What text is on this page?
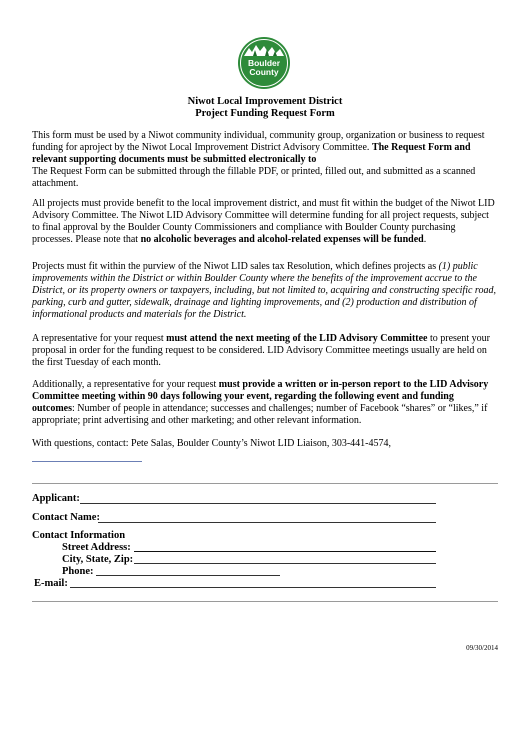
Boulder
County
Niwot Local Improvement District
Project Funding Request Form
This form must be used by a Niwot community individual, community group, organization or business to request funding for aproject by the Niwot Local Improvement District Advisory Committee. The Request Form and relevant supporting documents must be submitted electronically to
The Request Form can be submitted through the fillable PDF, or printed, filled out, and submitted as a scanned attachment.
All projects must provide benefit to the local improvement district, and must fit within the budget of the Niwot LID Advisory Committee. The Niwot LID Advisory Committee will determine funding for all project requests, subject to final approval by the Boulder County Commissioners and compliance with Boulder County purchasing processes. Please note that no alcoholic beverages and alcohol-related expenses will be funded.
Projects must fit within the purview of the Niwot LID sales tax Resolution, which defines projects as (1) public improvements within the District or within Boulder County where the benefits of the improvement accrue to the District, or its property owners or taxpayers, including, but not limited to, acquiring and constructing specific road, parking, curb and gutter, sidewalk, drainage and lighting improvements, and (2) production and distribution of informational products and materials for the District.
A representative for your request must attend the next meeting of the LID Advisory Committee to present your proposal in order for the funding request to be considered. LID Advisory Committee meetings usually are held on the first Tuesday of each month.
Additionally, a representative for your request must provide a written or in-person report to the LID Advisory Committee meeting within 90 days following your event, regarding the following event and funding outcomes: Number of people in attendance; successes and challenges; number of Facebook “shares” or “likes,” if appropriate; print advertising and other marketing; and other relevant information.
With questions, contact: Pete Salas, Boulder County’s Niwot LID Liaison, 303-441-4574,
Applicant:
Contact Name:
Contact Information
Street Address:
City, State, Zip:
Phone:
E-mail:
09/30/2014
